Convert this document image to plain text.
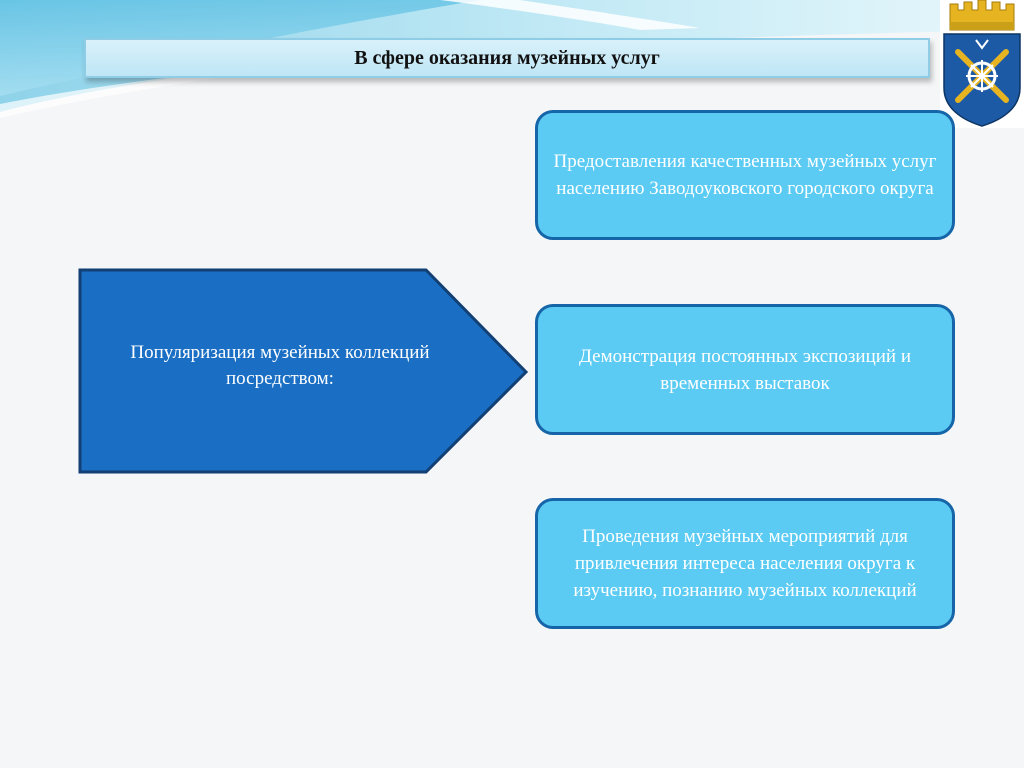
В сфере оказания музейных услуг
Популяризация музейных коллекций посредством:
Предоставления качественных музейных услуг населению Заводоуковского городского округа
Демонстрация постоянных экспозиций и временных выставок
Проведения музейных мероприятий для привлечения интереса населения округа к изучению, познанию музейных коллекций
